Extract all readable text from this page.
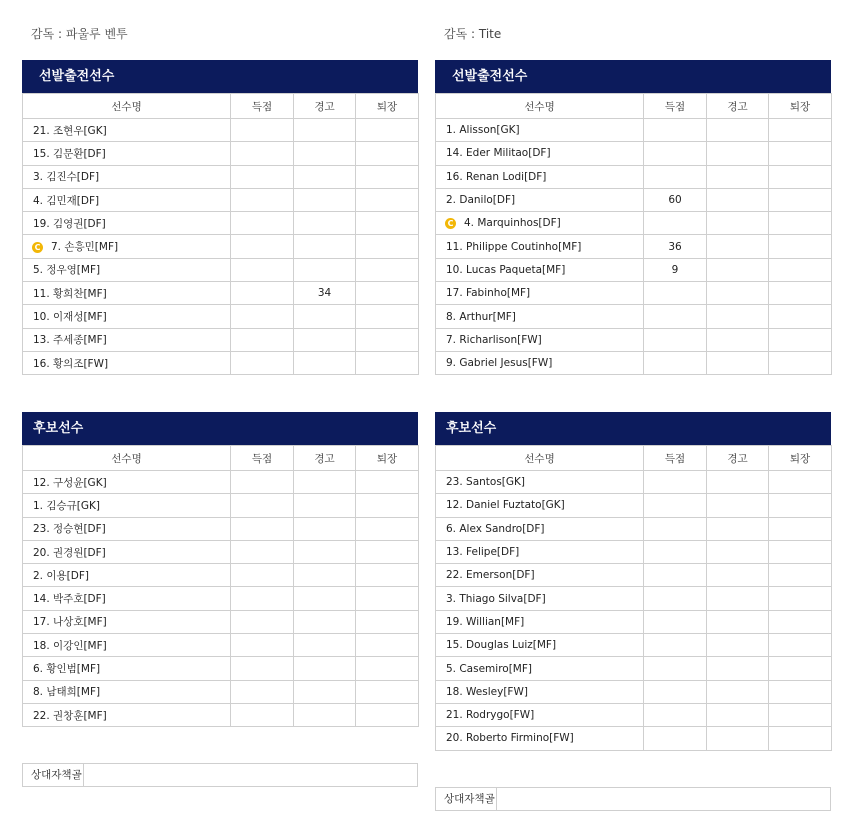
감독 : 파울루 벤투
선발출전선수
선수명	득점	경고	퇴장
21. 조현우[GK]			
15. 김문환[DF]			
3. 김진수[DF]			
4. 김민재[DF]			
19. 김영권[DF]			
C 7. 손흥민[MF]			
5. 정우영[MF]			
11. 황희찬[MF]		34	
10. 이재성[MF]			
13. 주세종[MF]			
16. 황의조[FW]			
후보선수
선수명	득점	경고	퇴장
12. 구성윤[GK]			
1. 김승규[GK]			
23. 정승현[DF]			
20. 권경원[DF]			
2. 이용[DF]			
14. 박주호[DF]			
17. 나상호[MF]			
18. 이강인[MF]			
6. 황인범[MF]			
8. 남태희[MF]			
22. 권창훈[MF]			
상대자책골
감독 : Tite
선발출전선수
선수명	득점	경고	퇴장
1. Alisson[GK]			
14. Eder Militao[DF]			
16. Renan Lodi[DF]			
2. Danilo[DF]	60		
C 4. Marquinhos[DF]			
11. Philippe Coutinho[MF]	36		
10. Lucas Paqueta[MF]	9		
17. Fabinho[MF]			
8. Arthur[MF]			
7. Richarlison[FW]			
9. Gabriel Jesus[FW]			
후보선수
선수명	득점	경고	퇴장
23. Santos[GK]			
12. Daniel Fuztato[GK]			
6. Alex Sandro[DF]			
13. Felipe[DF]			
22. Emerson[DF]			
3. Thiago Silva[DF]			
19. Willian[MF]			
15. Douglas Luiz[MF]			
5. Casemiro[MF]			
18. Wesley[FW]			
21. Rodrygo[FW]			
20. Roberto Firmino[FW]			
상대자책골
